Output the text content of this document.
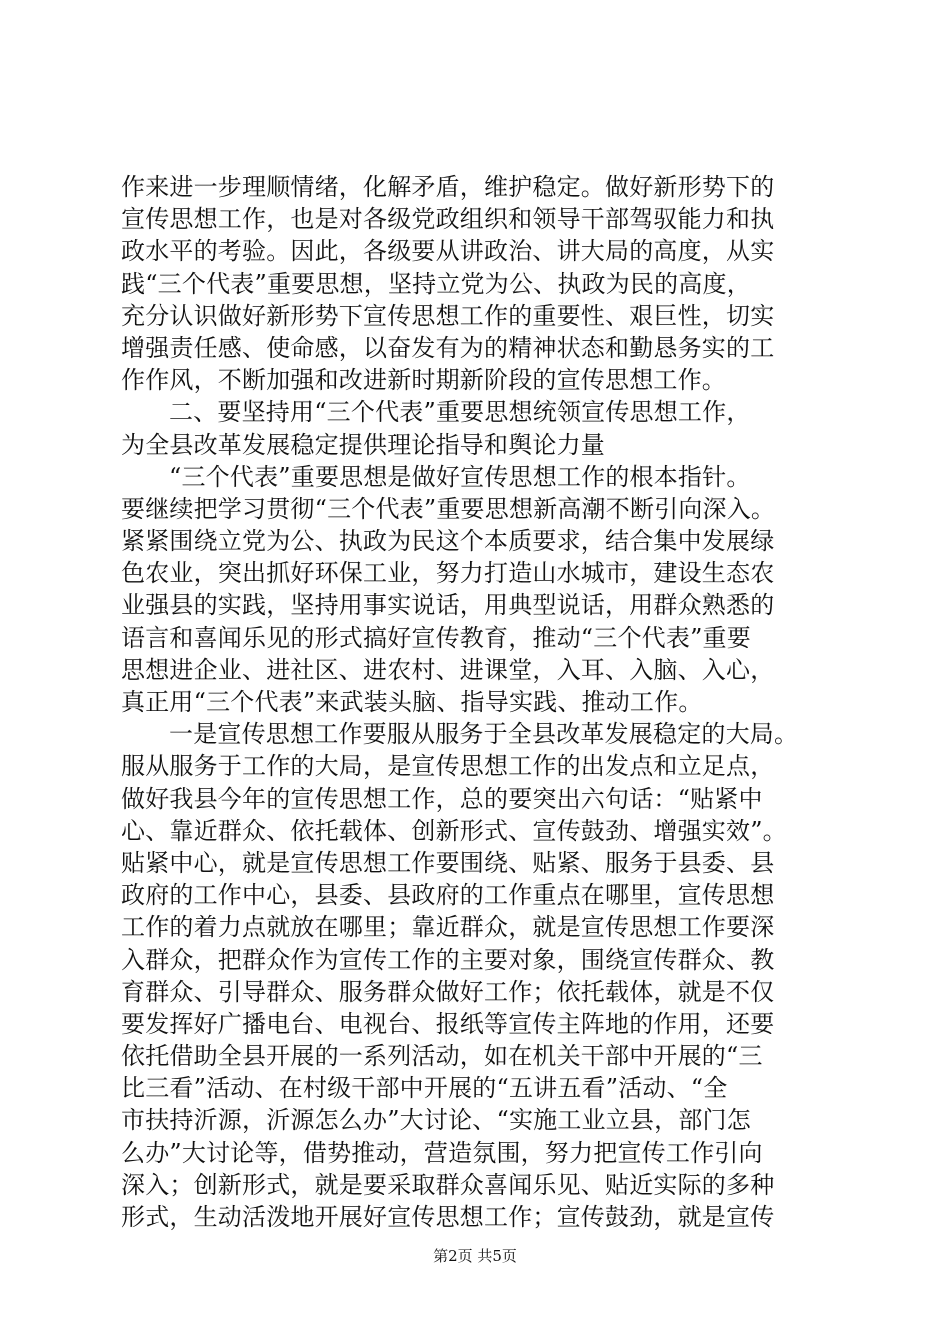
作来进一步理顺情绪，化解矛盾，维护稳定。做好新形势下的
宣传思想工作，也是对各级党政组织和领导干部驾驭能力和执
政水平的考验。因此，各级要从讲政治、讲大局的高度，从实
践“三个代表”重要思想，坚持立党为公、执政为民的高度，
充分认识做好新形势下宣传思想工作的重要性、艰巨性，切实
增强责任感、使命感，以奋发有为的精神状态和勤恳务实的工
作作风，不断加强和改进新时期新阶段的宣传思想工作。
二、要坚持用“三个代表”重要思想统领宣传思想工作，
为全县改革发展稳定提供理论指导和舆论力量
“三个代表”重要思想是做好宣传思想工作的根本指针。
要继续把学习贯彻“三个代表”重要思想新高潮不断引向深入。
紧紧围绕立党为公、执政为民这个本质要求，结合集中发展绿
色农业，突出抓好环保工业，努力打造山水城市，建设生态农
业强县的实践，坚持用事实说话，用典型说话，用群众熟悉的
语言和喜闻乐见的形式搞好宣传教育，推动“三个代表”重要
思想进企业、进社区、进农村、进课堂，入耳、入脑、入心，
真正用“三个代表”来武装头脑、指导实践、推动工作。
一是宣传思想工作要服从服务于全县改革发展稳定的大局。
服从服务于工作的大局，是宣传思想工作的出发点和立足点，
做好我县今年的宣传思想工作，总的要突出六句话：“贴紧中
心、靠近群众、依托载体、创新形式、宣传鼓劲、增强实效”。
贴紧中心，就是宣传思想工作要围绕、贴紧、服务于县委、县
政府的工作中心，县委、县政府的工作重点在哪里，宣传思想
工作的着力点就放在哪里；靠近群众，就是宣传思想工作要深
入群众，把群众作为宣传工作的主要对象，围绕宣传群众、教
育群众、引导群众、服务群众做好工作；依托载体，就是不仅
要发挥好广播电台、电视台、报纸等宣传主阵地的作用，还要
依托借助全县开展的一系列活动，如在机关干部中开展的“三
比三看”活动、在村级干部中开展的“五讲五看”活动、“全
市扶持沂源，沂源怎么办”大讨论、“实施工业立县，部门怎
么办”大讨论等，借势推动，营造氛围，努力把宣传工作引向
深入；创新形式，就是要采取群众喜闻乐见、贴近实际的多种
形式，生动活泼地开展好宣传思想工作；宣传鼓劲，就是宣传
第2页 共5页
